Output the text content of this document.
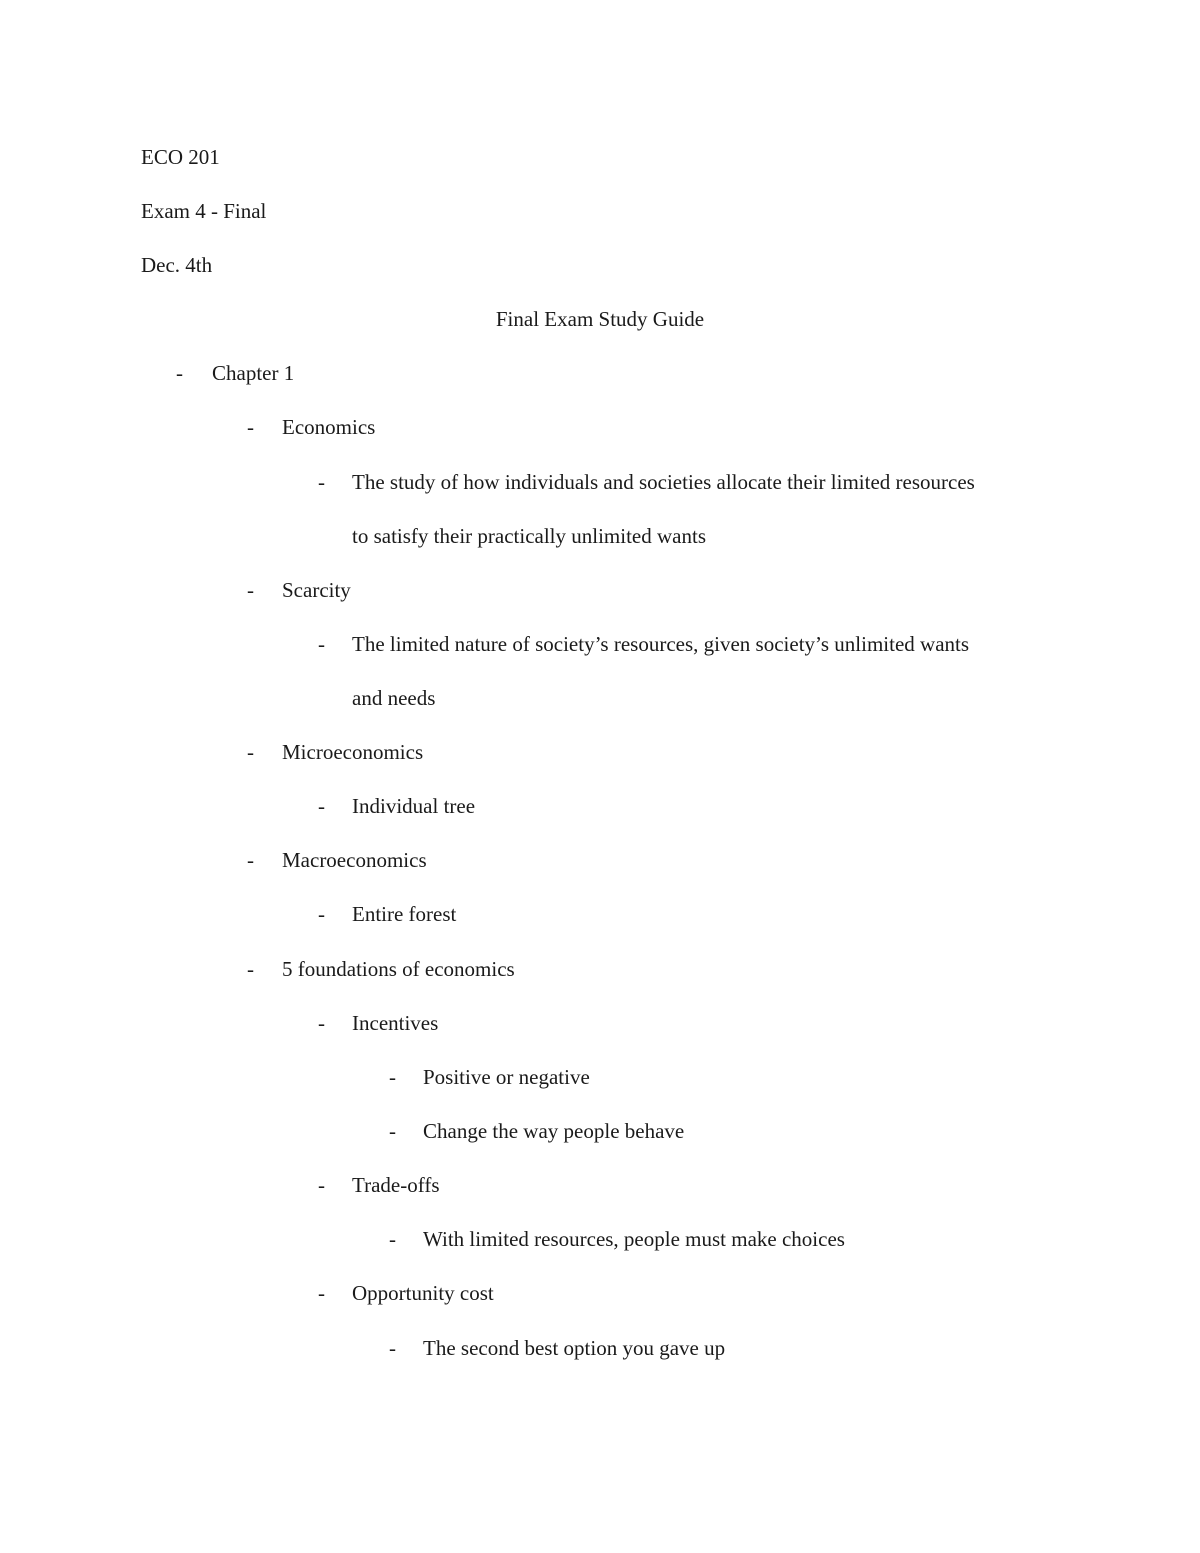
ECO 201
Exam 4 - Final
Dec. 4th
Final Exam Study Guide
- Chapter 1
- Economics
- The study of how individuals and societies allocate their limited resources
to satisfy their practically unlimited wants
- Scarcity
- The limited nature of society’s resources, given society’s unlimited wants
and needs
- Microeconomics
- Individual tree
- Macroeconomics
- Entire forest
- 5 foundations of economics
- Incentives
- Positive or negative
- Change the way people behave
- Trade-offs
- With limited resources, people must make choices
- Opportunity cost
- The second best option you gave up
